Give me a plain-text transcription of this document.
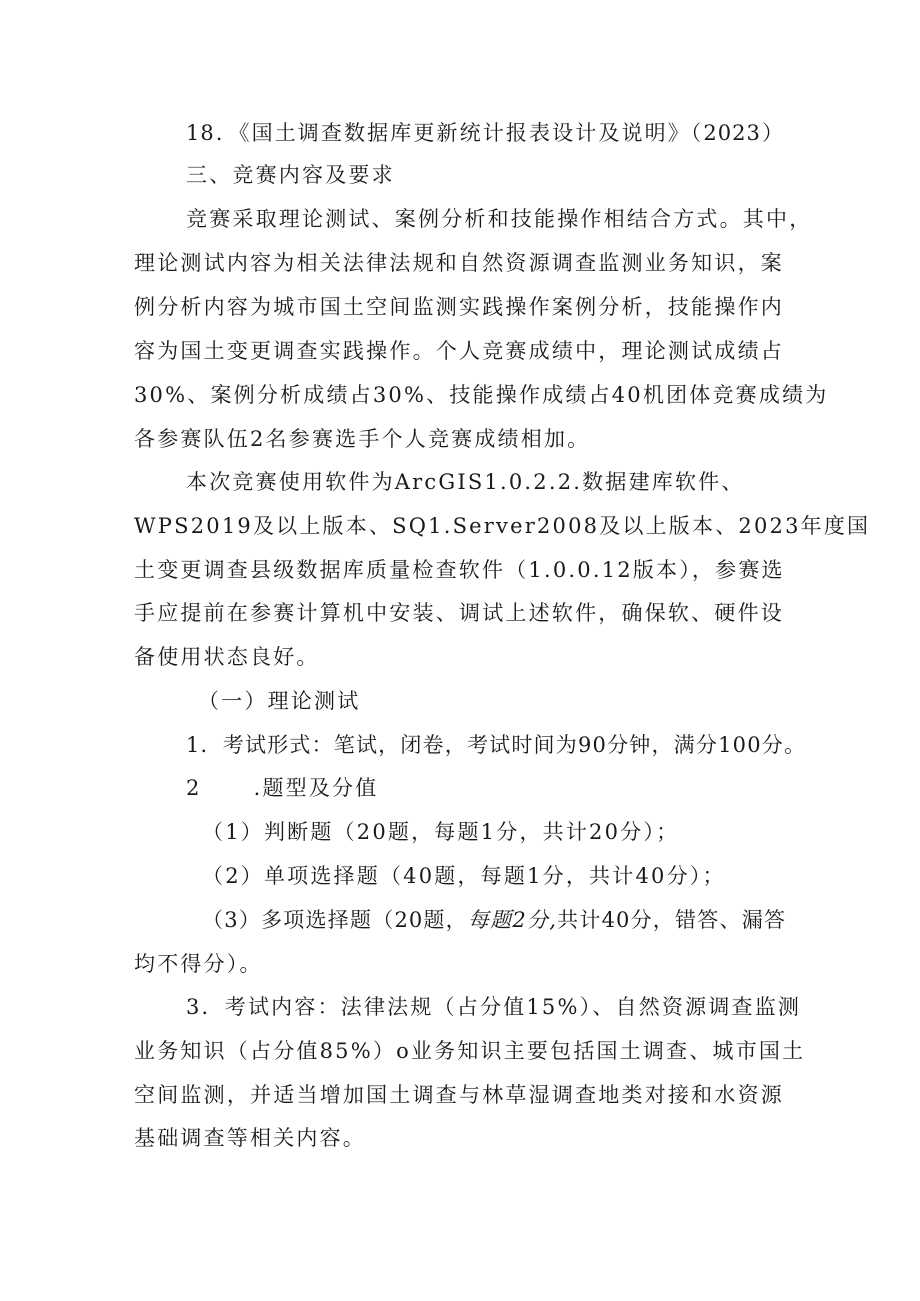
18．《国土调查数据库更新统计报表设计及说明》（2023）
三、竞赛内容及要求
竞赛采取理论测试、案例分析和技能操作相结合方式。其中，
理论测试内容为相关法律法规和自然资源调查监测业务知识，案
例分析内容为城市国土空间监测实践操作案例分析，技能操作内
容为国土变更调查实践操作。个人竞赛成绩中，理论测试成绩占
30%、案例分析成绩占30%、技能操作成绩占40机团体竞赛成绩为
各参赛队伍2名参赛选手个人竞赛成绩相加。
本次竞赛使用软件为ArcGIS1.0.2.2.数据建库软件、
WPS2019及以上版本、SQ1.Server2008及以上版本、2023年度国
土变更调查县级数据库质量检查软件（1.0.0.12版本），参赛选
手应提前在参赛计算机中安装、调试上述软件，确保软、硬件设
备使用状态良好。
（一）理论测试
1．考试形式：笔试，闭卷，考试时间为90分钟，满分100分。
2 .题型及分值
（1）判断题（20题，每题1分，共计20分）；
（2）单项选择题（40题，每题1分，共计40分）；
（3）多项选择题（20题，每题2分,共计40分，错答、漏答
均不得分）。
3．考试内容：法律法规（占分值15%）、自然资源调查监测
业务知识（占分值85%）o业务知识主要包括国土调查、城市国土
空间监测，并适当增加国土调查与林草湿调查地类对接和水资源
基础调查等相关内容。
